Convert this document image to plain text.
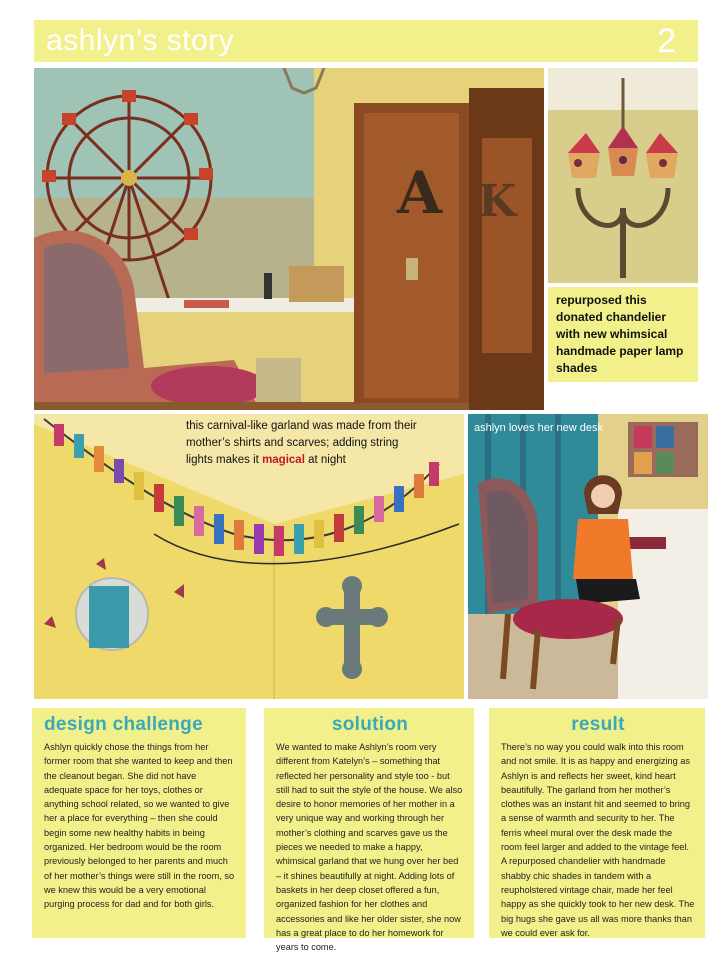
ashlyn’s story	2
A K
repurposed this donated chandelier with new whimsical handmade paper lamp shades
this carnival-like garland was made from their mother’s shirts and scarves; adding string lights makes it magical at night
ashlyn loves her new desk
design challenge

Ashlyn quickly chose the things from her former room that she wanted to keep and then the cleanout began. She did not have adequate space for her toys, clothes or anything school related, so we wanted to give her a place for everything – then she could begin some new healthy habits in being organized. Her bedroom would be the room previously belonged to her parents and much of her mother’s things were still in the room, so we knew this would be a very emotional purging process for dad and for both girls.

solution

We wanted to make Ashlyn’s room very different from Katelyn’s – something that reflected her personality and style too - but still had to suit the style of the house. We also desire to honor memories of her mother in a very unique way and working through her mother’s clothing and scarves gave us the pieces we needed to make a happy, whimsical garland that we hung over her bed – it shines beautifully at night. Adding lots of baskets in her deep closet offered a fun, organized fashion for her clothes and accessories and like her older sister, she now has a great place to do her homework for years to come.

result

There’s no way you could walk into this room and not smile. It is as happy and energizing as Ashlyn is and reflects her sweet, kind heart beautifully. The garland from her mother’s clothes was an instant hit and seemed to bring a sense of warmth and security to her. The ferris wheel mural over the desk made the room feel larger and added to the vintage feel. A repurposed chandelier with handmade shabby chic shades in tandem with a reupholstered vintage chair, made her feel happy as she quickly took to her new desk. The big hugs she gave us all was more thanks than we could ever ask for.
